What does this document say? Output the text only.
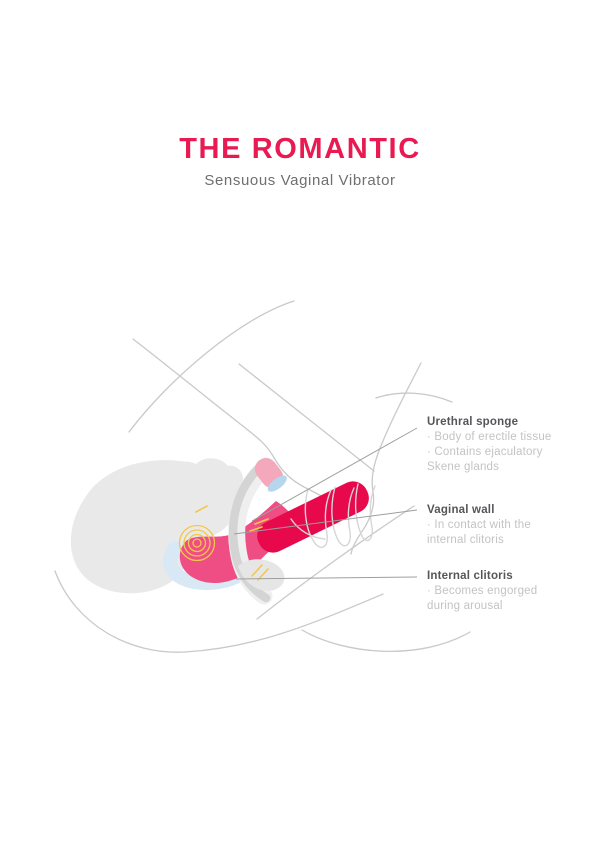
THE ROMANTIC
Sensuous Vaginal Vibrator
Urethral sponge
· Body of erectile tissue
· Contains ejaculatory
Skene glands
Vaginal wall
· In contact with the
internal clitoris
Internal clitoris
· Becomes engorged
during arousal
